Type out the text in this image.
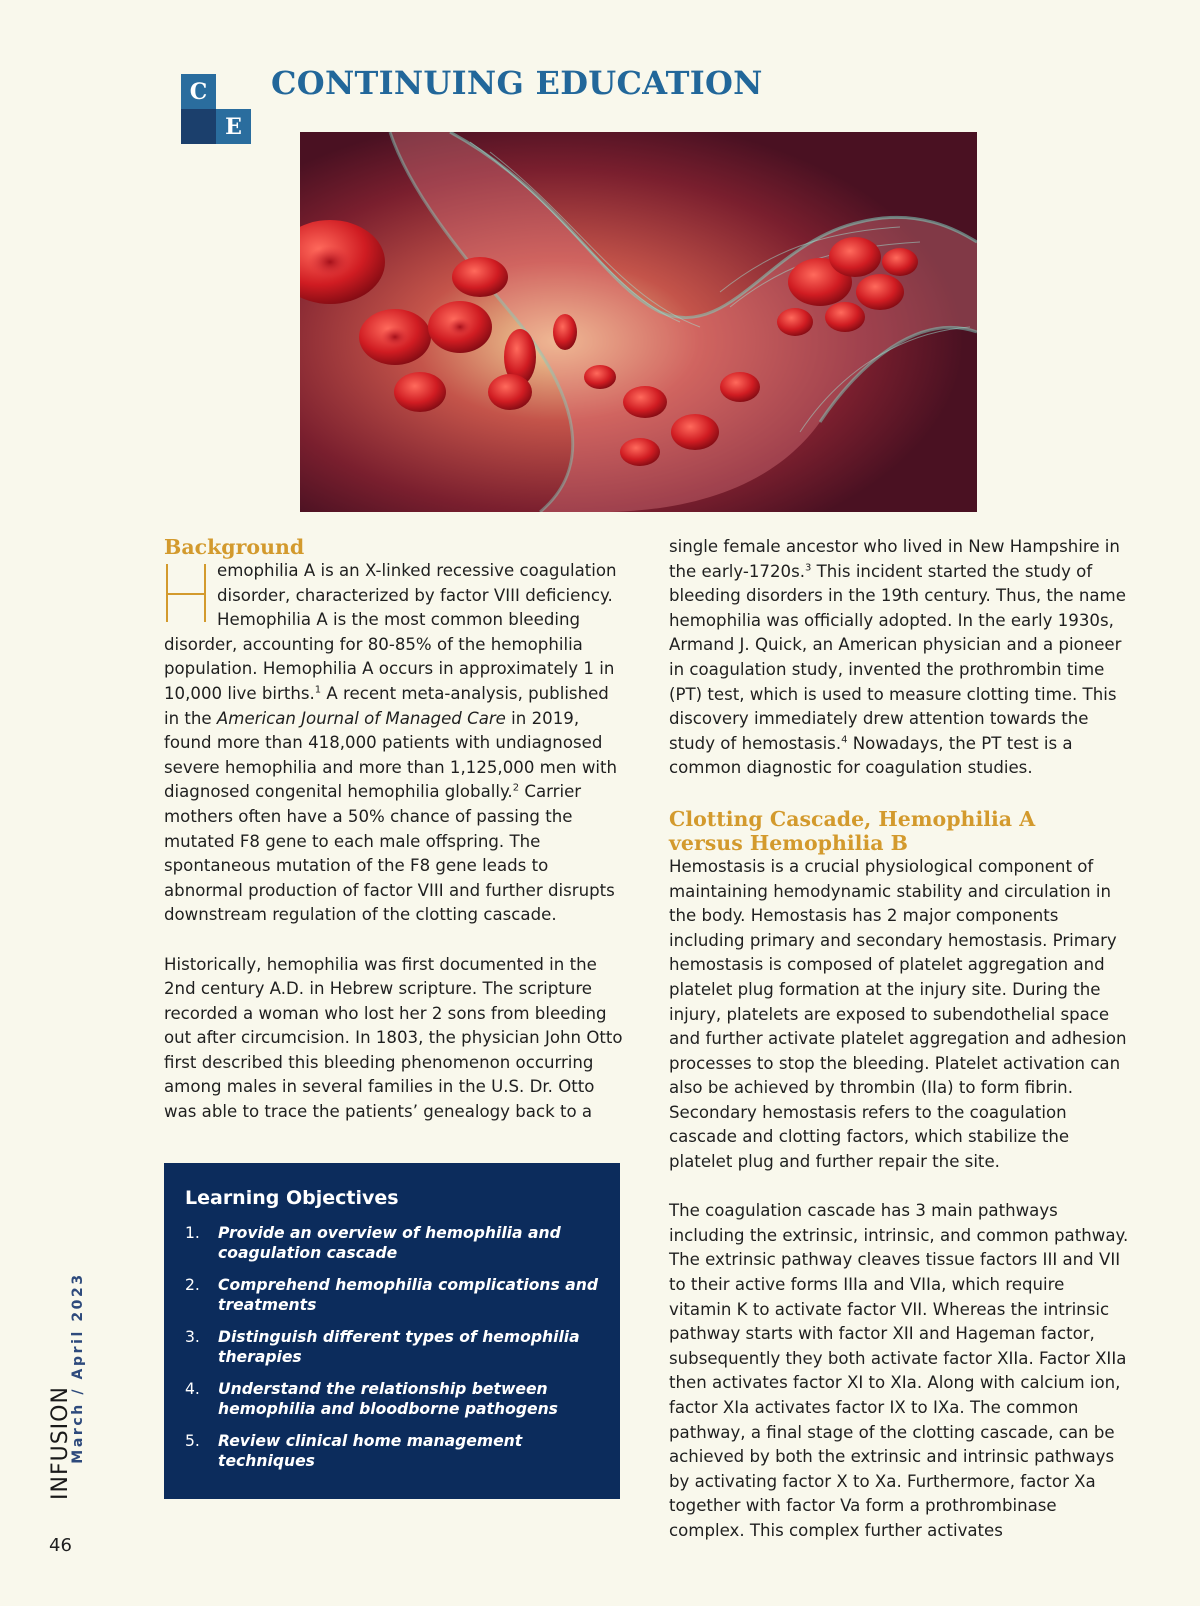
C
E
CONTINUING EDUCATION
Background

emophilia A is an X-linked recessive coagulation disorder, characterized by factor VIII deficiency. Hemophilia A is the most common bleeding disorder, accounting for 80-85% of the hemophilia population. Hemophilia A occurs in approximately 1 in 10,000 live births.$^1$ A recent meta-analysis, published in the American Journal of Managed Care in 2019, found more than 418,000 patients with undiagnosed severe hemophilia and more than 1,125,000 men with diagnosed congenital hemophilia globally.$^2$ Carrier mothers often have a 50% chance of passing the mutated F8 gene to each male offspring. The spontaneous mutation of the F8 gene leads to abnormal production of factor VIII and further disrupts downstream regulation of the clotting cascade.

Historically, hemophilia was first documented in the 2nd century A.D. in Hebrew scripture. The scripture recorded a woman who lost her 2 sons from bleeding out after circumcision. In 1803, the physician John Otto first described this bleeding phenomenon occurring among males in several families in the U.S. Dr. Otto was able to trace the patients’ genealogy back to a

Learning Objectives
1.	Provide an overview of hemophilia and coagulation cascade
2.	Comprehend hemophilia complications and treatments
3.	Distinguish different types of hemophilia therapies
4.	Understand the relationship between hemophilia and bloodborne pathogens
5.	Review clinical home management techniques

single female ancestor who lived in New Hampshire in the early-1720s.$^3$ This incident started the study of bleeding disorders in the 19th century. Thus, the name hemophilia was officially adopted. In the early 1930s, Armand J. Quick, an American physician and a pioneer in coagulation study, invented the prothrombin time (PT) test, which is used to measure clotting time. This discovery immediately drew attention towards the study of hemostasis.$^4$ Nowadays, the PT test is a common diagnostic for coagulation studies.

Clotting Cascade, Hemophilia A
versus Hemophilia B

Hemostasis is a crucial physiological component of maintaining hemodynamic stability and circulation in the body. Hemostasis has 2 major components including primary and secondary hemostasis. Primary hemostasis is composed of platelet aggregation and platelet plug formation at the injury site. During the injury, platelets are exposed to subendothelial space and further activate platelet aggregation and adhesion processes to stop the bleeding. Platelet activation can also be achieved by thrombin (IIa) to form fibrin. Secondary hemostasis refers to the coagulation cascade and clotting factors, which stabilize the platelet plug and further repair the site.

The coagulation cascade has 3 main pathways including the extrinsic, intrinsic, and common pathway. The extrinsic pathway cleaves tissue factors III and VII to their active forms IIIa and VIIa, which require vitamin K to activate factor VII. Whereas the intrinsic pathway starts with factor XII and Hageman factor, subsequently they both activate factor XIIa. Factor XIIa then activates factor XI to XIa. Along with calcium ion, factor XIa activates factor IX to IXa. The common pathway, a final stage of the clotting cascade, can be achieved by both the extrinsic and intrinsic pathways by activating factor X to Xa. Furthermore, factor Xa together with factor Va form a prothrombinase complex. This complex further activates

March / April 2023
INFUSION
46
